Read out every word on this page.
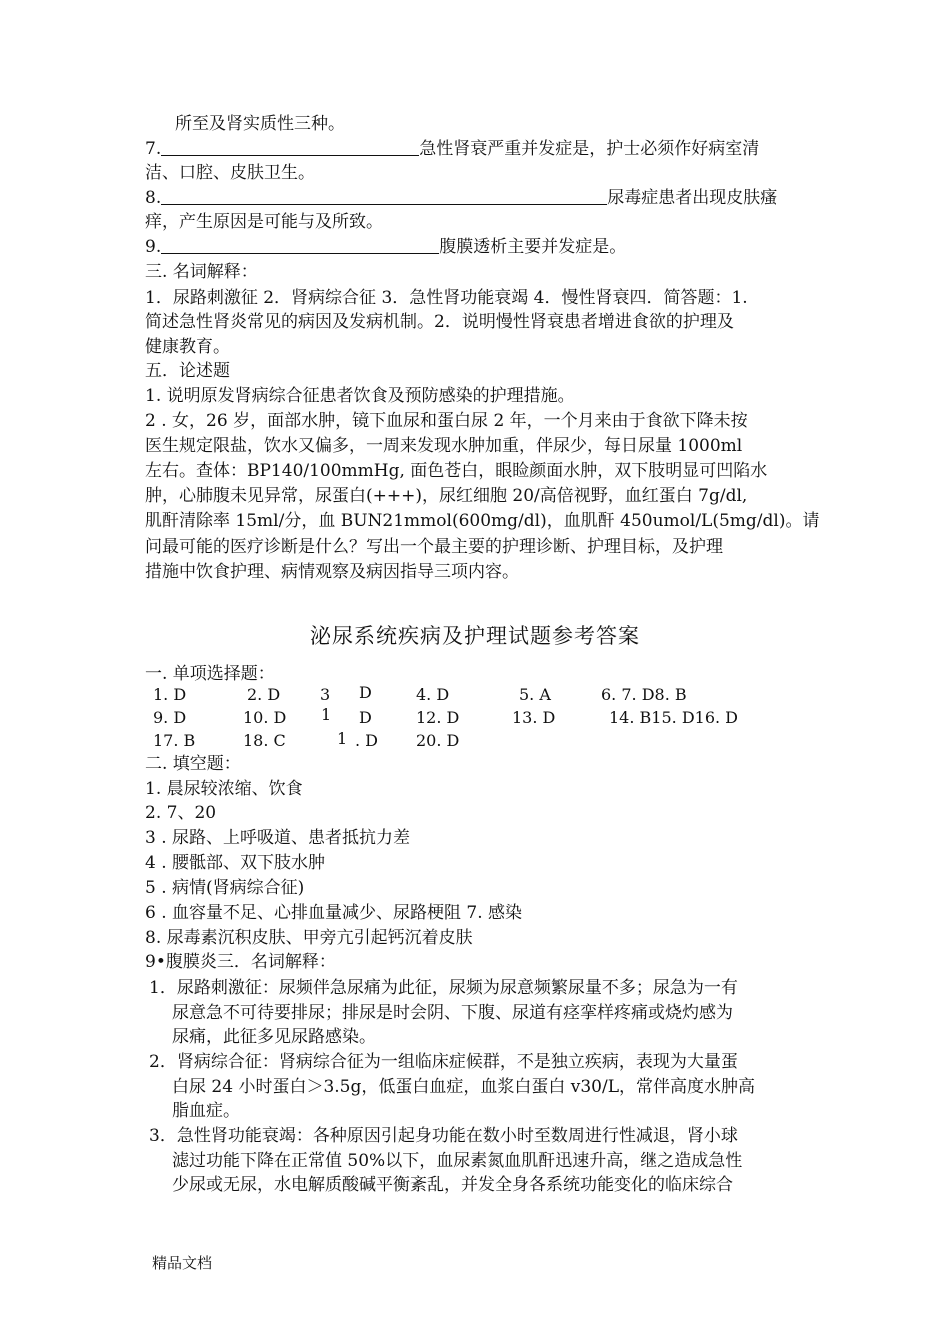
所至及肾实质性三种。
7.	急性肾衰严重并发症是，护士必须作好病室清
洁、口腔、皮肤卫生。
8.	尿毒症患者出现皮肤瘙
痒，产生原因是可能与及所致。
9.	腹膜透析主要并发症是。
三. 名词解释：
1．尿路刺激征 2．肾病综合征 3．急性肾功能衰竭 4．慢性肾衰四．简答题：1.
简述急性肾炎常见的病因及发病机制。2．说明慢性肾衰患者增进食欲的护理及
健康教育。
五．论述题
1. 说明原发肾病综合征患者饮食及预防感染的护理措施。
2 . 女，26 岁，面部水肿，镜下血尿和蛋白尿 2 年，一个月来由于食欲下降未按
医生规定限盐，饮水又偏多，一周来发现水肿加重，伴尿少，每日尿量 1000ml
左右。查体：BP140/100mmHg, 面色苍白，眼睑颜面水肿，双下肢明显可凹陷水
肿，心肺腹未见异常，尿蛋白(+++)，尿红细胞 20/高倍视野，血红蛋白 7g/dl,
肌酐清除率 15ml/分，血 BUN21mmol(600mg/dl)，血肌酐 450umol/L(5mg/dl)。请
问最可能的医疗诊断是什么？写出一个最主要的护理诊断、护理目标，及护理
措施中饮食护理、病情观察及病因指导三项内容。
泌尿系统疾病及护理试题参考答案
一. 单项选择题：
1. D	2. D 3 D	4. D	5. A	6. 7. D8. B
9. D	10. D 1 D	12. D	13. D	14. B15. D16. D
17. B	18. C	1 . D 20. D
二. 填空题：
1. 晨尿较浓缩、饮食
2. 7、20
3 . 尿路、上呼吸道、患者抵抗力差
4 . 腰骶部、双下肢水肿
5 . 病情(肾病综合征)
6 . 血容量不足、心排血量减少、尿路梗阻 7. 感染
8. 尿毒素沉积皮肤、甲旁亢引起钙沉着皮肤
9•腹膜炎三．名词解释：
1．尿路刺激征：尿频伴急尿痛为此征，尿频为尿意频繁尿量不多；尿急为一有
尿意急不可待要排尿；排尿是时会阴、下腹、尿道有痉挛样疼痛或烧灼感为
尿痛，此征多见尿路感染。
2．肾病综合征：肾病综合征为一组临床症候群，不是独立疾病，表现为大量蛋
白尿 24 小时蛋白＞3.5g，低蛋白血症，血浆白蛋白 v30/L，常伴高度水肿高
脂血症。
3．急性肾功能衰竭：各种原因引起身功能在数小时至数周进行性减退，肾小球
滤过功能下降在正常值 50%以下，血尿素氮血肌酐迅速升高，继之造成急性
少尿或无尿，水电解质酸碱平衡紊乱，并发全身各系统功能变化的临床综合
精品文档
